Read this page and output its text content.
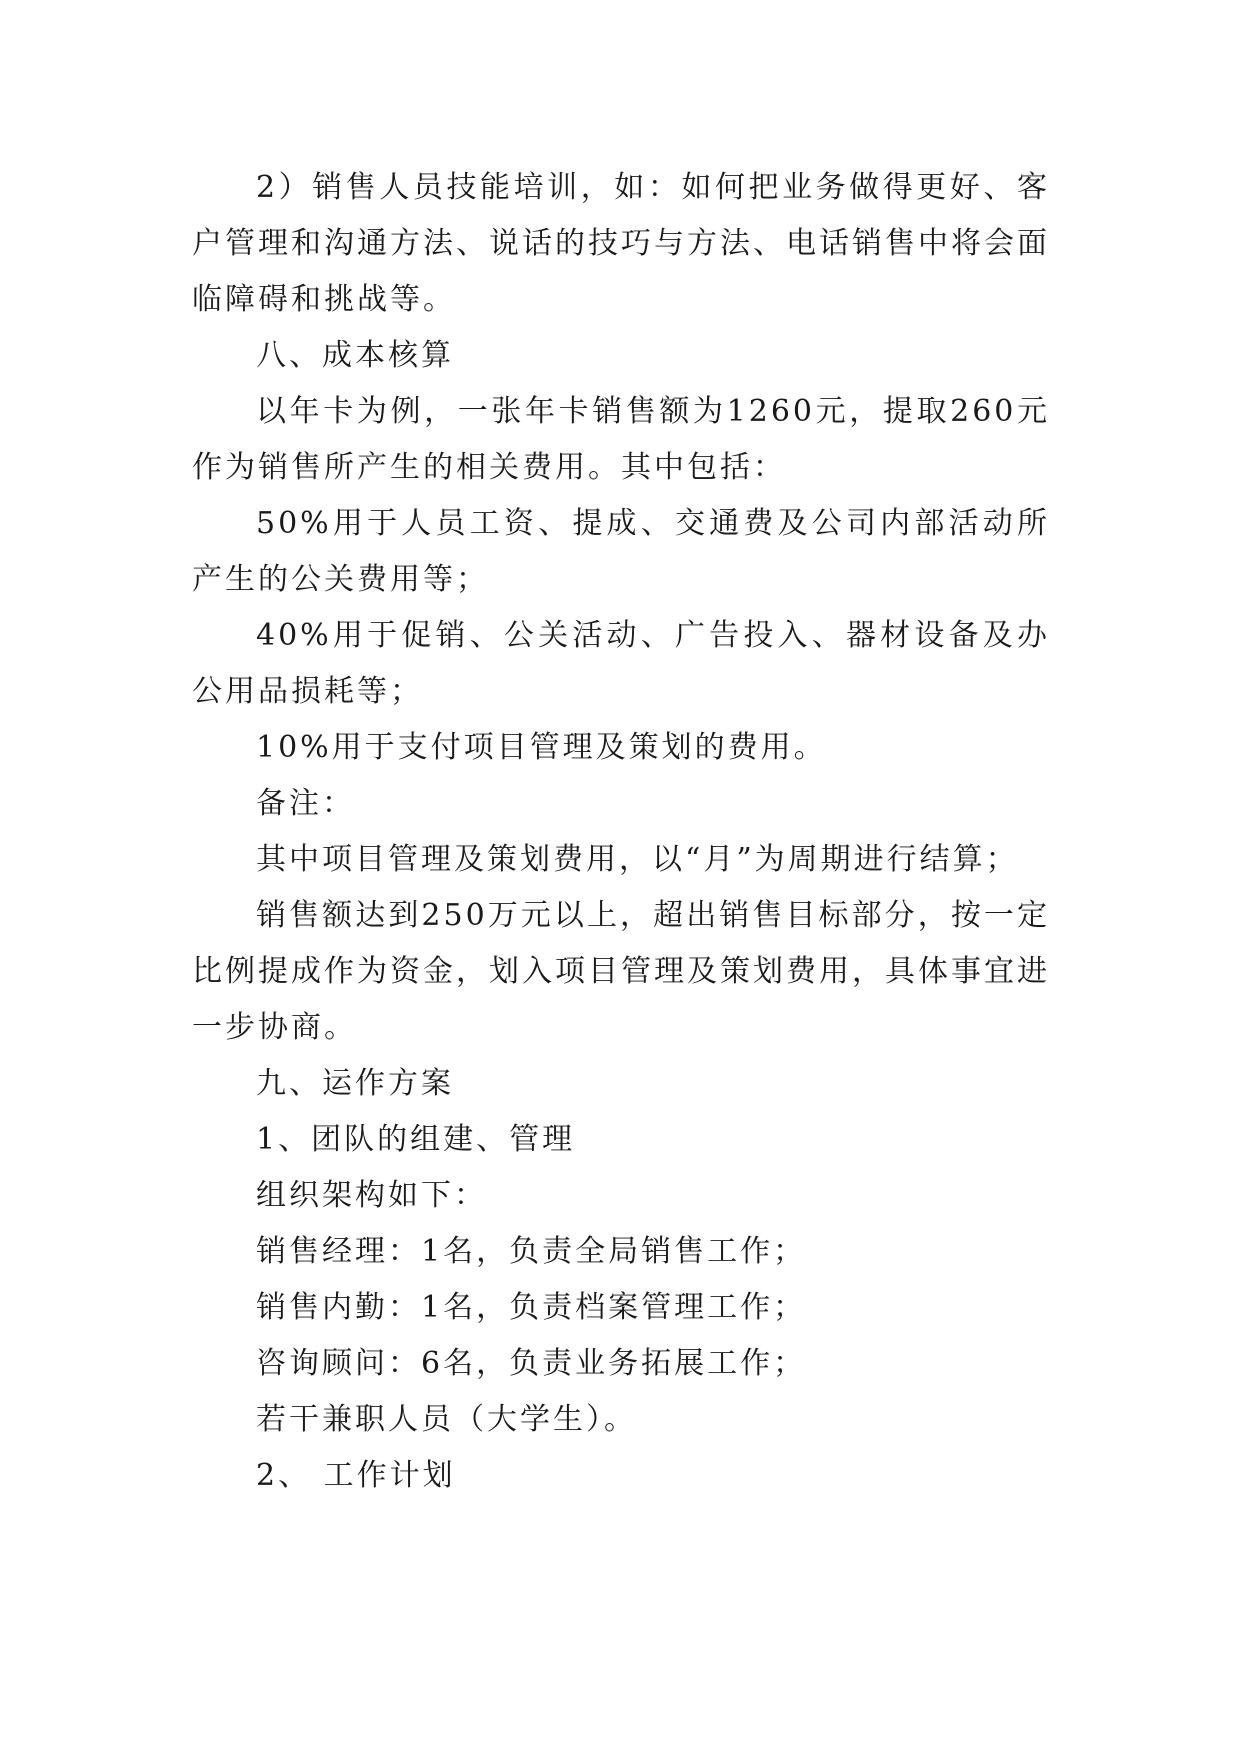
2）销售人员技能培训，如：如何把业务做得更好、客户管理和沟通方法、说话的技巧与方法、电话销售中将会面临障碍和挑战等。

八、成本核算

以年卡为例，一张年卡销售额为1260元，提取260元作为销售所产生的相关费用。其中包括：

50%用于人员工资、提成、交通费及公司内部活动所产生的公关费用等；

40%用于促销、公关活动、广告投入、器材设备及办公用品损耗等；

10%用于支付项目管理及策划的费用。

备注：

其中项目管理及策划费用，以“月”为周期进行结算；

销售额达到250万元以上，超出销售目标部分，按一定比例提成作为资金，划入项目管理及策划费用，具体事宜进一步协商。

九、运作方案

1、团队的组建、管理

组织架构如下：

销售经理：1名，负责全局销售工作；

销售内勤：1名，负责档案管理工作；

咨询顾问：6名，负责业务拓展工作；

若干兼职人员（大学生）。

2、 工作计划
